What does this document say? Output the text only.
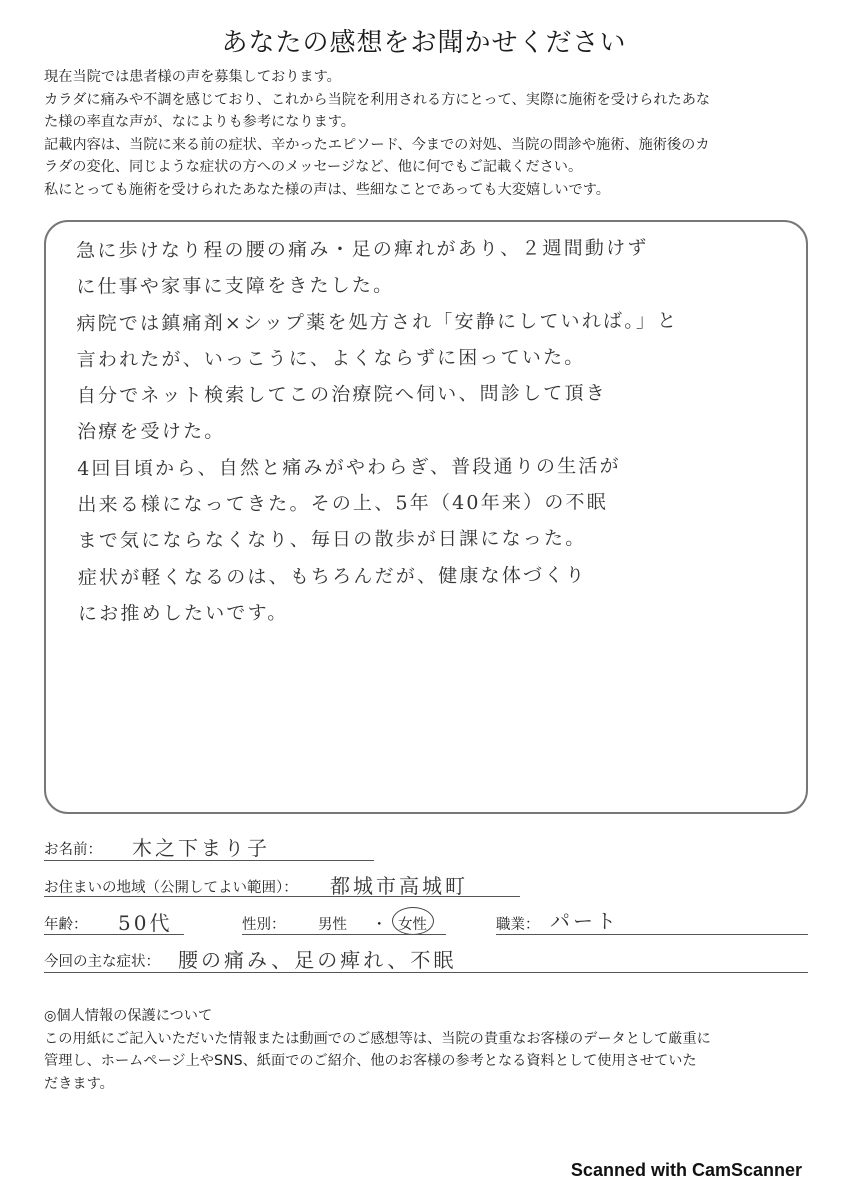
あなたの感想をお聞かせください

現在当院では患者様の声を募集しております。

カラダに痛みや不調を感じており、これから当院を利用される方にとって、実際に施術を受けられたあな

た様の率直な声が、なによりも参考になります。

記載内容は、当院に来る前の症状、辛かったエピソード、今までの対処、当院の問診や施術、施術後のカ

ラダの変化、同じような症状の方へのメッセージなど、他に何でもご記載ください。

私にとっても施術を受けられたあなた様の声は、些細なことであっても大変嬉しいです。

急に歩けなり程の腰の痛み・足の痺れがあり、２週間動けず
に仕事や家事に支障をきたした。
病院では鎮痛剤×シップ薬を処方され「安静にしていれば。」と
言われたが、いっこうに、よくならずに困っていた。
自分でネット検索してこの治療院へ伺い、問診して頂き
治療を受けた。
4回目頃から、自然と痛みがやわらぎ、普段通りの生活が
出来る様になってきた。その上、5年（40年来）の不眠
まで気にならなくなり、毎日の散歩が日課になった。
症状が軽くなるのは、もちろんだが、健康な体づくり
にお推めしたいです。
お名前： 木之下まり子
お住まいの地域（公開してよい範囲）： 都城市高城町
年齢： 50代	性別： 男性 ・ 女性	職業： パート
今回の主な症状： 腰の痛み、足の痺れ、不眠

◎個人情報の保護について

この用紙にご記入いただいた情報または動画でのご感想等は、当院の貴重なお客様のデータとして厳重に

管理し、ホームページ上やSNS、紙面でのご紹介、他のお客様の参考となる資料として使用させていた

だきます。

Scanned with CamScanner
